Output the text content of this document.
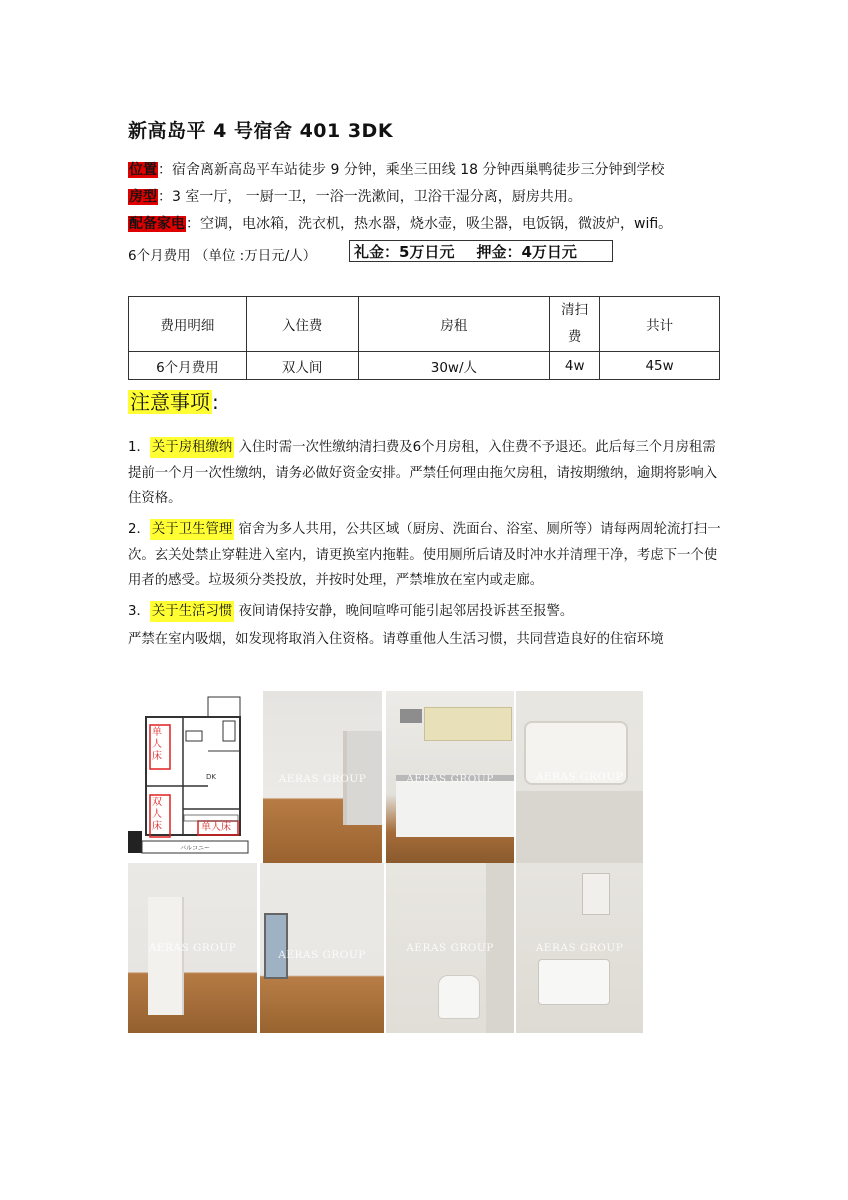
新高岛平 4 号宿舍 401 3DK
位置：宿舍离新高岛平车站徒步 9 分钟，乘坐三田线 18 分钟西巢鸭徒步三分钟到学校
房型：3 室一厅， 一厨一卫，一浴一洗漱间，卫浴干湿分离，厨房共用。
配备家电：空调，电冰箱，洗衣机，热水器，烧水壶，吸尘器，电饭锅，微波炉，wifi。
6个月费用 （单位 :万日元/人）	礼金：5万日元 押金：4万日元
费用明细	入住费	房租	清扫费	共计
6个月费用	双人间	30w/人	4w	45w
注意事项 :
1． 关于房租缴纳 入住时需一次性缴纳清扫费及6个月房租，入住费不予退还。此后每三个月房租需提前一个月一次性缴纳，请务必做好资金安排。严禁任何理由拖欠房租，请按期缴纳，逾期将影响入住资格。
2． 关于卫生管理 宿舍为多人共用，公共区域（厨房、洗面台、浴室、厕所等）请每两周轮流打扫一次。玄关处禁止穿鞋进入室内，请更换室内拖鞋。使用厕所后请及时冲水并清理干净，考虑下一个使用者的感受。垃圾须分类投放，并按时处理，严禁堆放在室内或走廊。
3． 关于生活习惯 夜间请保持安静，晚间喧哗可能引起邻居投诉甚至报警。
严禁在室内吸烟，如发现将取消入住资格。请尊重他人生活习惯，共同营造良好的住宿环境
单人床
双人床	单人床
DK
バルコニー
AERAS GROUP	AERAS GROUP	AERAS GROUP
AERAS GROUP
AERAS GROUP
AERAS GROUP	AERAS GROUP
